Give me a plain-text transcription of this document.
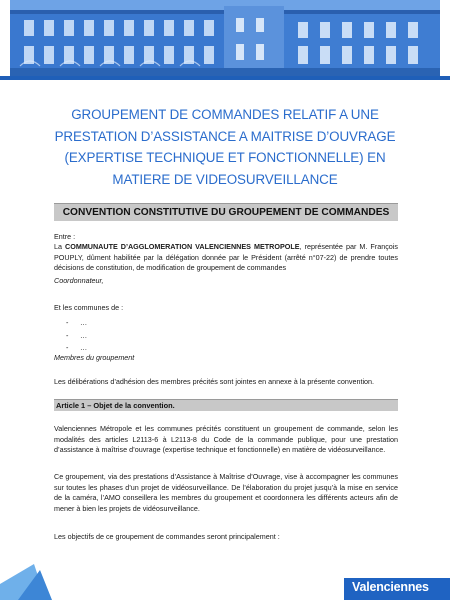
GROUPEMENT DE COMMANDES RELATIF A UNE
PRESTATION D’ASSISTANCE A MAITRISE D’OUVRAGE
(EXPERTISE TECHNIQUE ET FONCTIONNELLE) EN
MATIERE DE VIDEOSURVEILLANCE
CONVENTION CONSTITUTIVE DU GROUPEMENT DE COMMANDES
Entre :
La COMMUNAUTE D’AGGLOMERATION VALENCIENNES METROPOLE, représentée par M. François POUPLY, dûment habilitée par la délégation donnée par le Président (arrêté n°07-22) de prendre toutes décisions de constitution, de modification de groupement de commandes
Coordonnateur,
Et les communes de :
- …
- …
- …
Membres du groupement
Les délibérations d’adhésion des membres précités sont jointes en annexe à la présente convention.
Article 1 – Objet de la convention.
Valenciennes Métropole et les communes précités constituent un groupement de commande, selon les modalités des articles L2113-6 à L2113-8 du Code de la commande publique, pour une prestation d’assistance à maîtrise d’ouvrage (expertise technique et fonctionnelle) en matière de vidéosurveillance.
Ce groupement, via des prestations d’Assistance à Maîtrise d’Ouvrage, vise à accompagner les communes sur toutes les phases d’un projet de vidéosurveillance. De l’élaboration du projet jusqu’à la mise en service de la caméra, l’AMO conseillera les membres du groupement et coordonnera les différents acteurs afin de mener à bien les projets de vidéosurveillance.
Les objectifs de ce groupement de commandes seront principalement :
Valenciennes
